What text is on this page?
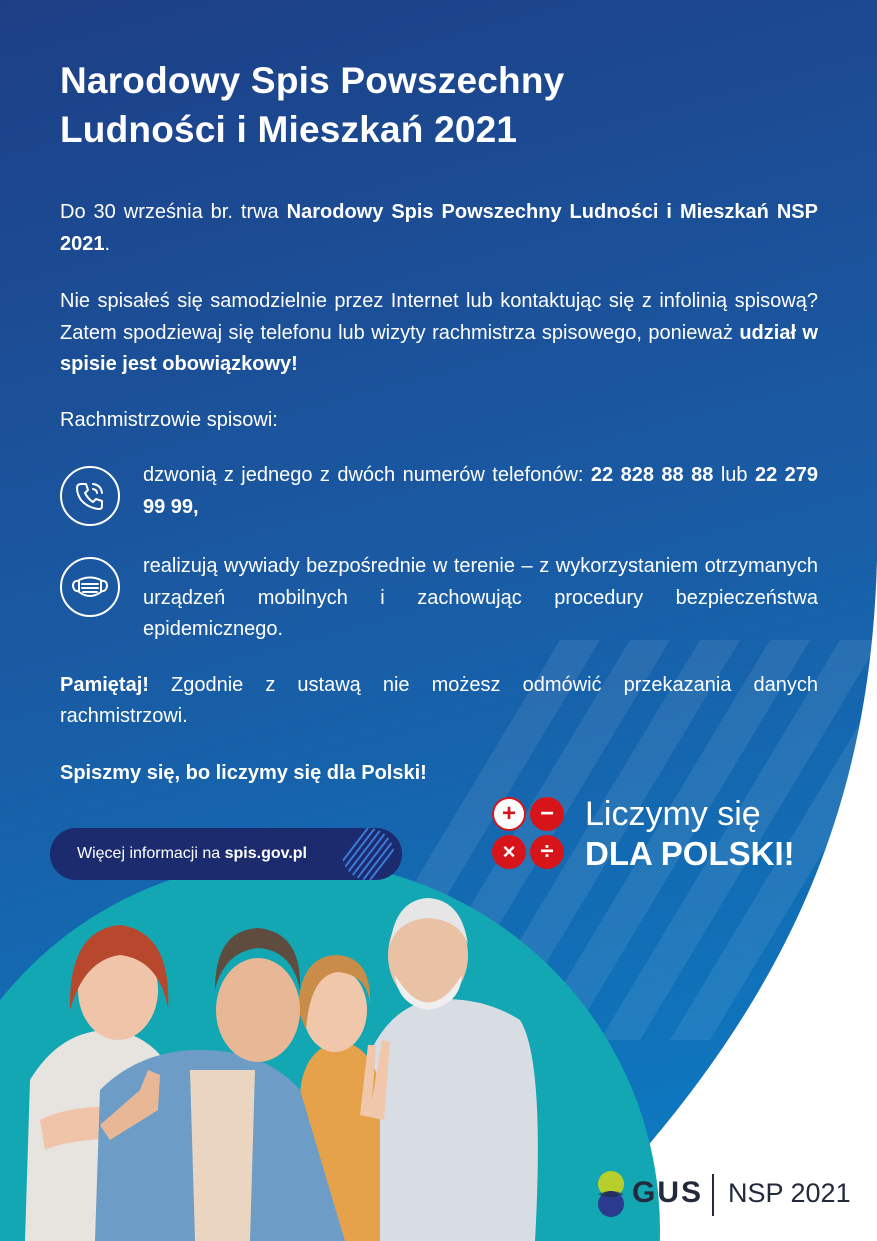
Narodowy Spis Powszechny
Ludności i Mieszkań 2021

Do 30 września br. trwa Narodowy Spis Powszechny Ludności i Mieszkań NSP 2021.

Nie spisałeś się samodzielnie przez Internet lub kontaktując się z infolinią spisową? Zatem spodziewaj się telefonu lub wizyty rachmistrza spisowego, ponieważ udział w spisie jest obowiązkowy!

Rachmistrzowie spisowi:

dzwonią z jednego z dwóch numerów telefonów: 22 828 88 88 lub 22 279 99 99,

realizują wywiady bezpośrednie w terenie – z wykorzystaniem otrzymanych urządzeń mobilnych i zachowując procedury bezpieczeństwa epidemicznego.

Pamiętaj! Zgodnie z ustawą nie możesz odmówić przekazania danych rachmistrzowi.

Spiszmy się, bo liczymy się dla Polski!

Więcej informacji na spis.gov.pl
+ −
×	÷
Liczymy się
DLA POLSKI!
GUS NSP 2021
